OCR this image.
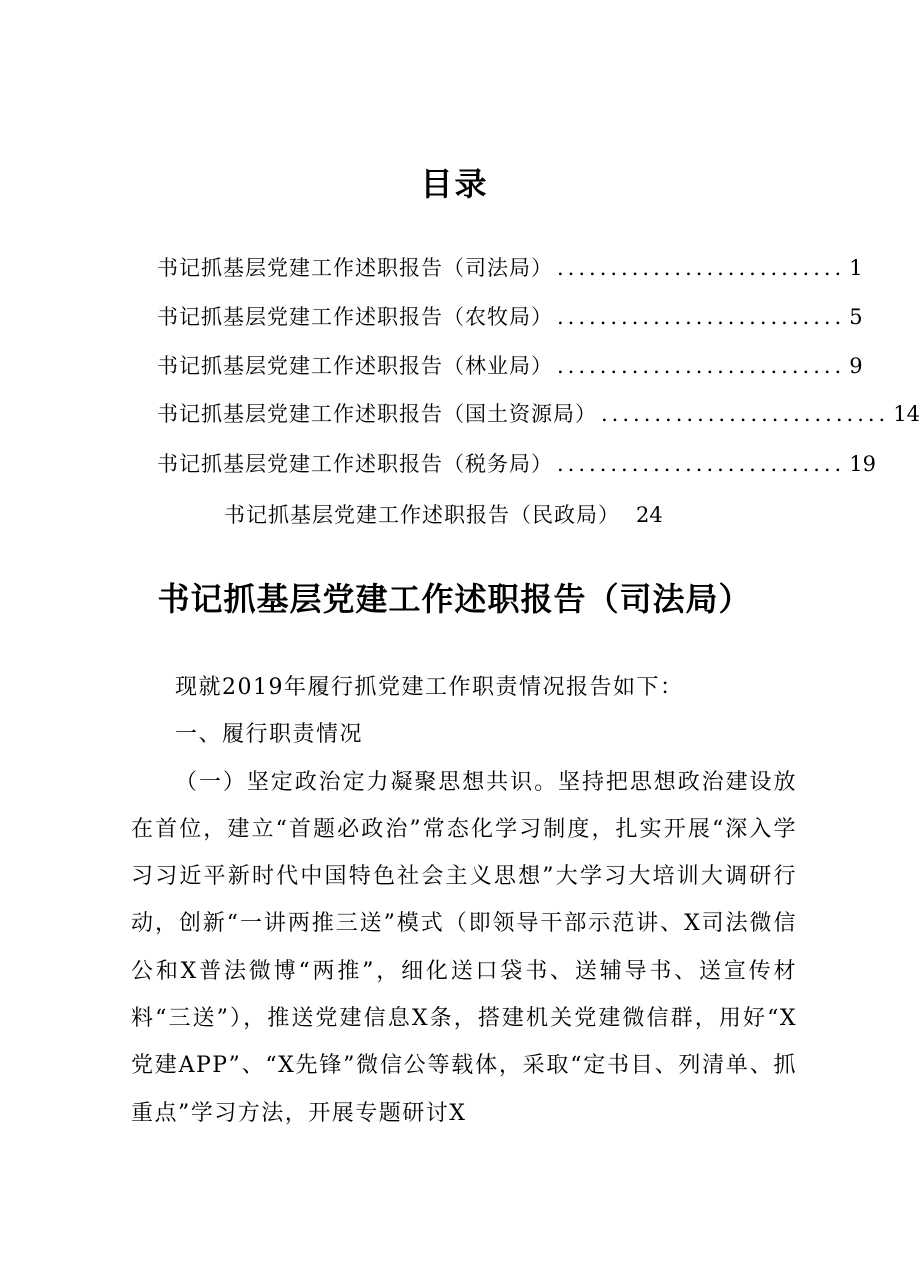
目录
书记抓基层党建工作述职报告（司法局） ........................... 1
书记抓基层党建工作述职报告（农牧局） ........................... 5
书记抓基层党建工作述职报告（林业局） ........................... 9
书记抓基层党建工作述职报告（国土资源局） ........................... 14
书记抓基层党建工作述职报告（税务局） ........................... 19
书记抓基层党建工作述职报告（民政局） 24
书记抓基层党建工作述职报告（司法局）

现就2019年履行抓党建工作职责情况报告如下：

一、履行职责情况

（一）坚定政治定力凝聚思想共识。坚持把思想政治建设放在首位，建立“首题必政治”常态化学习制度，扎实开展“深入学习习近平新时代中国特色社会主义思想”大学习大培训大调研行动，创新“一讲两推三送”模式（即领导干部示范讲、X司法微信公和X普法微博“两推”，细化送口袋书、送辅导书、送宣传材料“三送”），推送党建信息X条，搭建机关党建微信群，用好“X党建APP”、“X先锋”微信公等载体，采取“定书目、列清单、抓重点”学习方法，开展专题研讨X
